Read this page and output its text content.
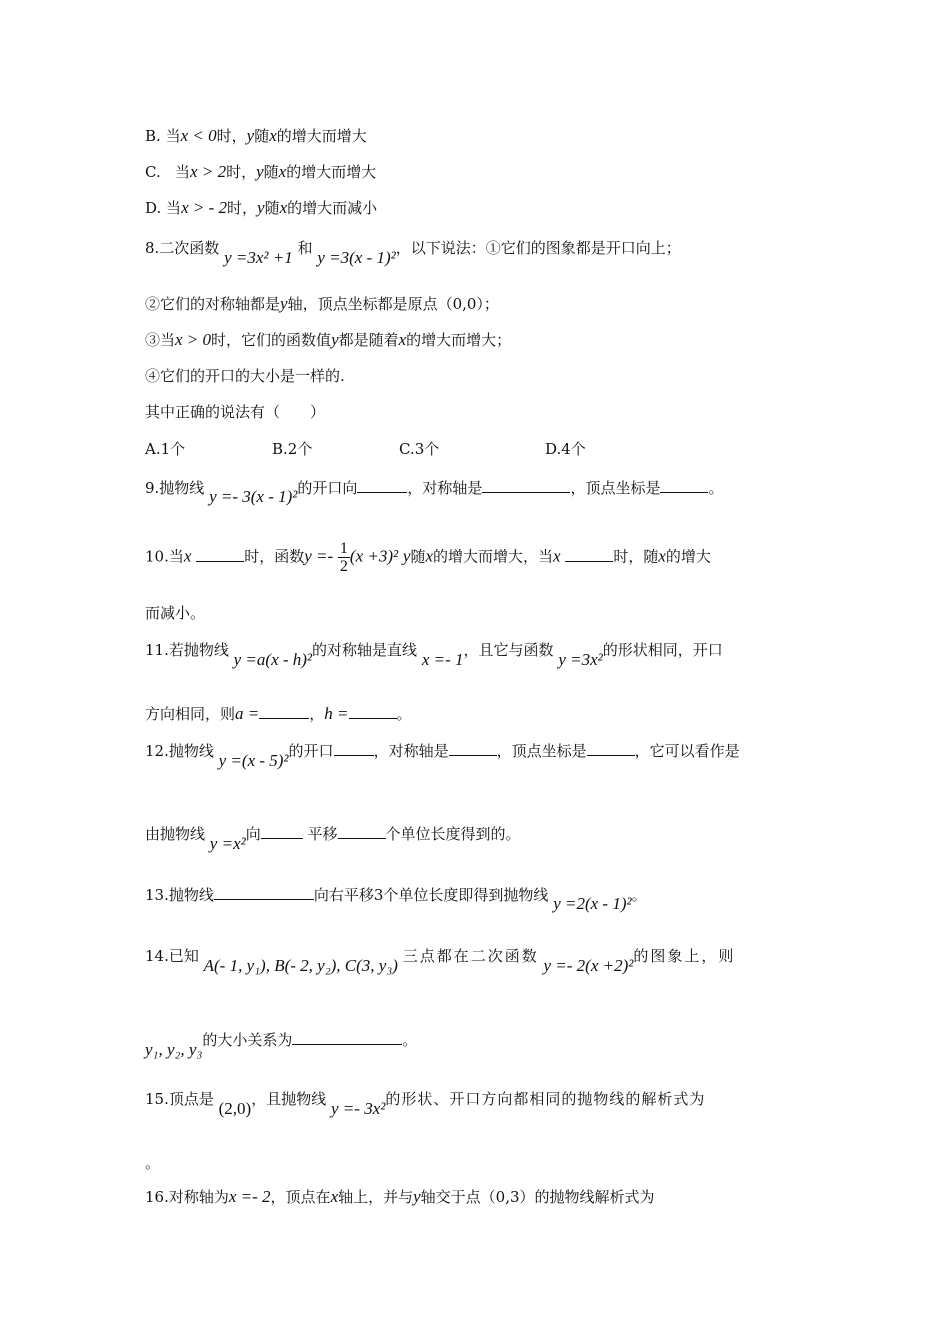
B. 当x < 0时，y随x的增大而增大
C. 当x > 2时，y随x的增大而增大
D. 当x > - 2时，y随x的增大而减小
8.二次函数 y =3x² +1 和 y =3(x - 1)²，以下说法：①它们的图象都是开口向上；
②它们的对称轴都是y轴，顶点坐标都是原点（0,0）；
③当x > 0时，它们的函数值y都是随着x的增大而增大；
④它们的开口的大小是一样的.
其中正确的说法有（　　）
A.1个	B.2个	C.3个	D.4个
9.抛物线 y =- 3(x - 1)²的开口向	，对称轴是	，顶点坐标是	。
10.当x	时，函数$y =- \frac{1}{2} (x +3)^2$ y随x的增大而增大，当x	时，随x的增大
而减小。
11.若抛物线 y =a(x - h)²的对称轴是直线 x =- 1，且它与函数 y =3x²的形状相同，开口
方向相同，则a =	，h =	。
12.抛物线 y =(x - 5)²的开口	，对称轴是	，顶点坐标是	，它可以看作是
由抛物线 y =x²向	平移	个单位长度得到的。
13.抛物线	向右平移3个单位长度即得到抛物线 y =2(x - 1)²。
14.已知 A(- 1, y₁), B(- 2, y₂), C(3, y₃) 三点都在二次函数 y =- 2(x +2)²的图象上，则
y₁, y₂, y₃的大小关系为	。
15.顶点是 (2,0)，且抛物线 y =- 3x²的形状、开口方向都相同的抛物线的解析式为
。
16.对称轴为x =- 2，顶点在x轴上，并与y轴交于点（0,3）的抛物线解析式为
